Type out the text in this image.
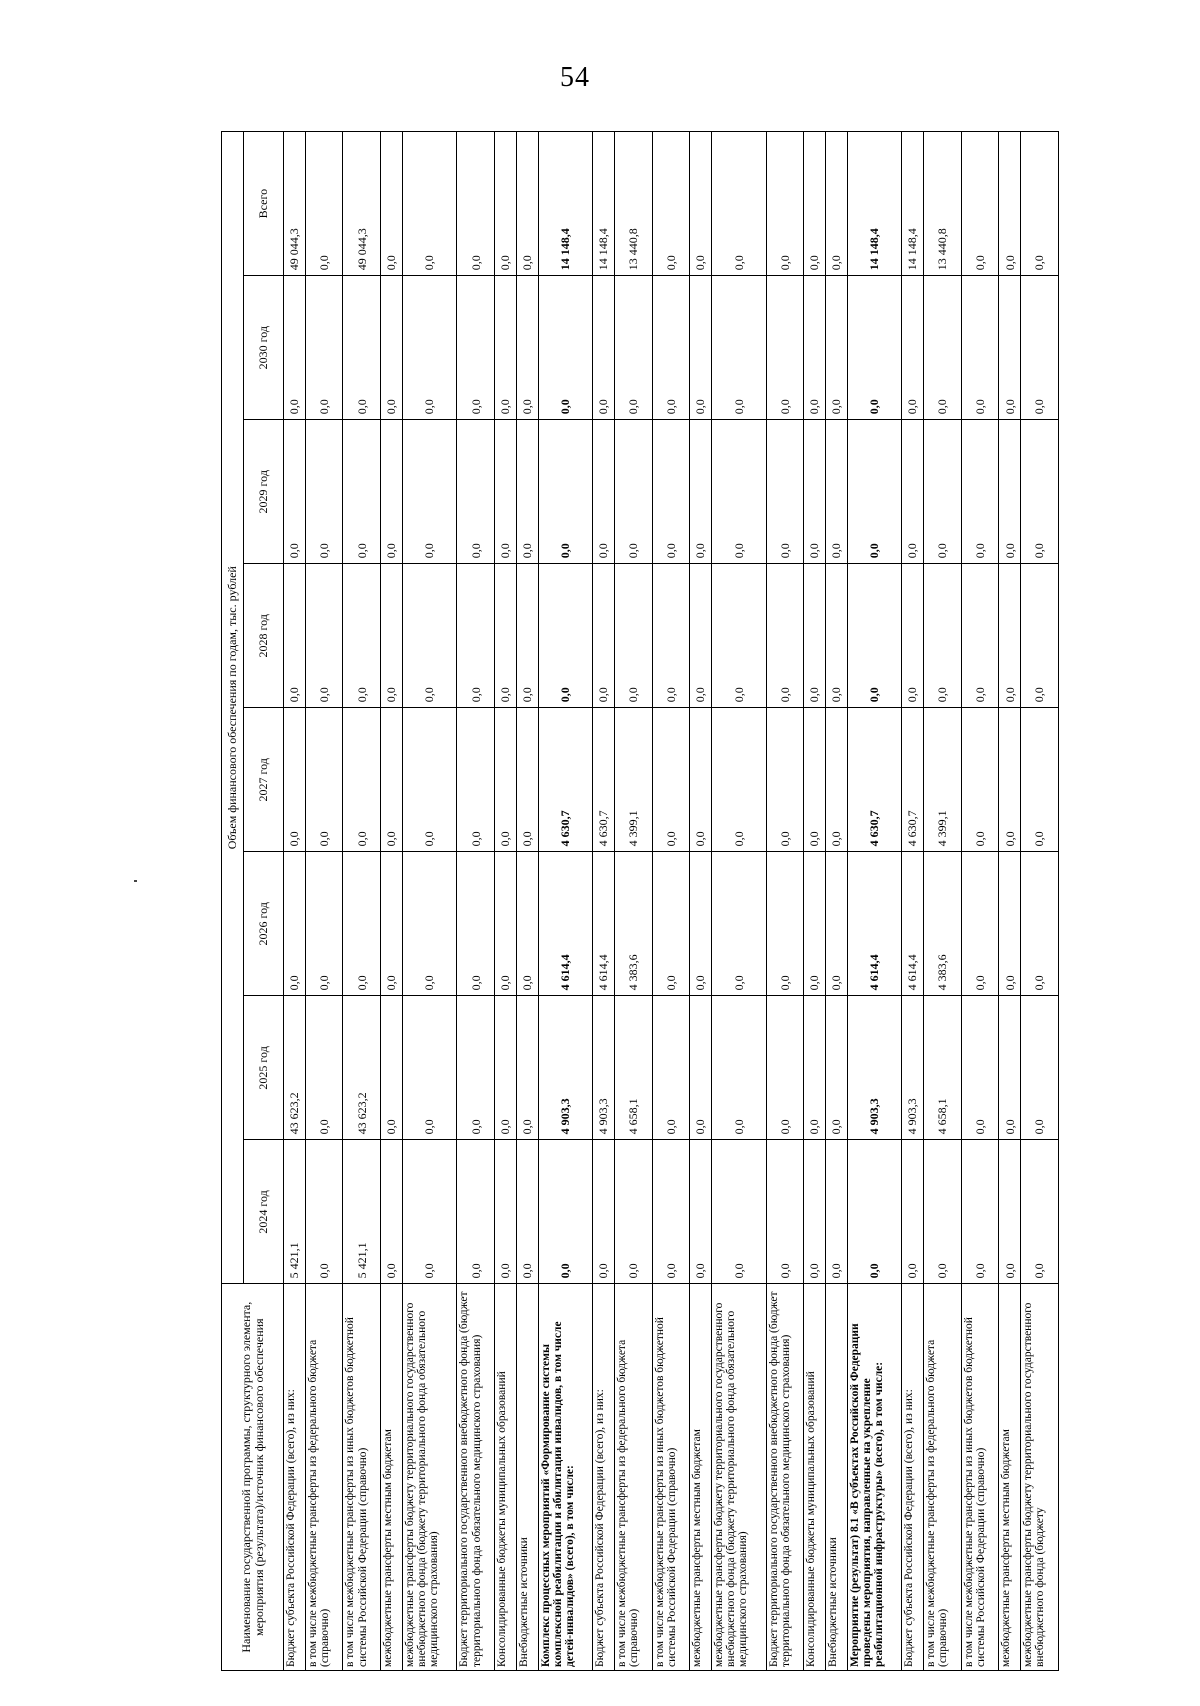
54
Наименование государственной программы, структурного элемента, мероприятия (результата)/источник финансового обеспечения	Объем финансового обеспечения по годам, тыс. рублей							
	2024 год	2025 год	2026 год	2027 год	2028 год	2029 год	2030 год	Всего
Бюджет субъекта Российской Федерации (всего), из них:	5 421,1	43 623,2	0,0	0,0	0,0	0,0	0,0	49 044,3
в том числе межбюджетные трансферты из федерального бюджета (справочно)	0,0	0,0	0,0	0,0	0,0	0,0	0,0	0,0
в том числе межбюджетные трансферты из иных бюджетов бюджетной системы Российской Федерации (справочно)	5 421,1	43 623,2	0,0	0,0	0,0	0,0	0,0	49 044,3
межбюджетные трансферты местным бюджетам	0,0	0,0	0,0	0,0	0,0	0,0	0,0	0,0
межбюджетные трансферты бюджету территориального государственного внебюджетного фонда (бюджету территориального фонда обязательного медицинского страхования)	0,0	0,0	0,0	0,0	0,0	0,0	0,0	0,0
Бюджет территориального государственного внебюджетного фонда (бюджет территориального фонда обязательного медицинского страхования)	0,0	0,0	0,0	0,0	0,0	0,0	0,0	0,0
Консолидированные бюджеты муниципальных образований	0,0	0,0	0,0	0,0	0,0	0,0	0,0	0,0
Внебюджетные источники	0,0	0,0	0,0	0,0	0,0	0,0	0,0	0,0
Комплекс процессных мероприятий «Формирование системы комплексной реабилитации и абилитации инвалидов, в том числе детей-инвалидов» (всего), в том числе:	0,0	4 903,3	4 614,4	4 630,7	0,0	0,0	0,0	14 148,4
Бюджет субъекта Российской Федерации (всего), из них:	0,0	4 903,3	4 614,4	4 630,7	0,0	0,0	0,0	14 148,4
в том числе межбюджетные трансферты из федерального бюджета (справочно)	0,0	4 658,1	4 383,6	4 399,1	0,0	0,0	0,0	13 440,8
в том числе межбюджетные трансферты из иных бюджетов бюджетной системы Российской Федерации (справочно)	0,0	0,0	0,0	0,0	0,0	0,0	0,0	0,0
межбюджетные трансферты местным бюджетам	0,0	0,0	0,0	0,0	0,0	0,0	0,0	0,0
межбюджетные трансферты бюджету территориального государственного внебюджетного фонда (бюджету территориального фонда обязательного медицинского страхования)	0,0	0,0	0,0	0,0	0,0	0,0	0,0	0,0
Бюджет территориального государственного внебюджетного фонда (бюджет территориального фонда обязательного медицинского страхования)	0,0	0,0	0,0	0,0	0,0	0,0	0,0	0,0
Консолидированные бюджеты муниципальных образований	0,0	0,0	0,0	0,0	0,0	0,0	0,0	0,0
Внебюджетные источники	0,0	0,0	0,0	0,0	0,0	0,0	0,0	0,0
Мероприятие (результат) 8.1 «В субъектах Российской Федерации проведены мероприятия, направленные на укрепление реабилитационной инфраструктуры» (всего), в том числе:	0,0	4 903,3	4 614,4	4 630,7	0,0	0,0	0,0	14 148,4
Бюджет субъекта Российской Федерации (всего), из них:	0,0	4 903,3	4 614,4	4 630,7	0,0	0,0	0,0	14 148,4
в том числе межбюджетные трансферты из федерального бюджета (справочно)	0,0	4 658,1	4 383,6	4 399,1	0,0	0,0	0,0	13 440,8
в том числе межбюджетные трансферты из иных бюджетов бюджетной системы Российской Федерации (справочно)	0,0	0,0	0,0	0,0	0,0	0,0	0,0	0,0
межбюджетные трансферты местным бюджетам	0,0	0,0	0,0	0,0	0,0	0,0	0,0	0,0
межбюджетные трансферты бюджету территориального государственного внебюджетного фонда (бюджету	0,0	0,0	0,0	0,0	0,0	0,0	0,0	0,0
